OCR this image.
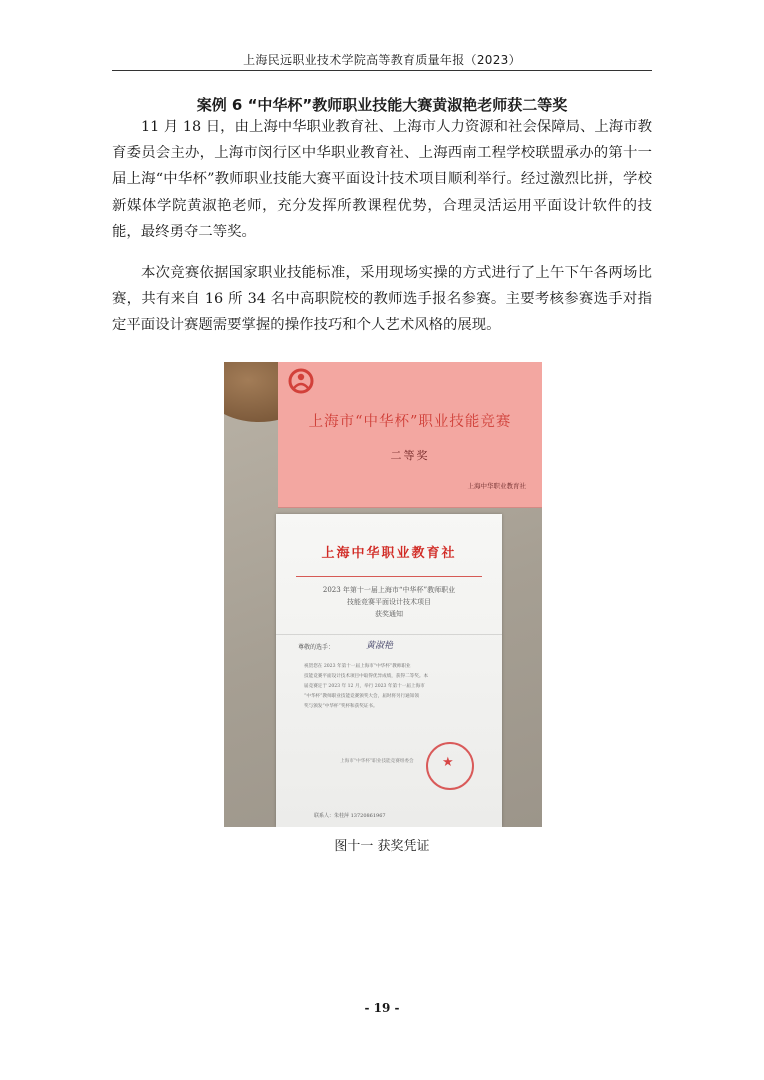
上海民远职业技术学院高等教育质量年报（2023）
案例 6 “中华杯”教师职业技能大赛黄淑艳老师获二等奖

11 月 18 日，由上海中华职业教育社、上海市人力资源和社会保障局、上海市教育委员会主办，上海市闵行区中华职业教育社、上海西南工程学校联盟承办的第十一届上海“中华杯”教师职业技能大赛平面设计技术项目顺利举行。经过激烈比拼，学校新媒体学院黄淑艳老师，充分发挥所教课程优势，合理灵活运用平面设计软件的技能，最终勇夺二等奖。

本次竞赛依据国家职业技能标准，采用现场实操的方式进行了上午下午各两场比赛，共有来自 16 所 34 名中高职院校的教师选手报名参赛。主要考核参赛选手对指定平面设计赛题需要掌握的操作技巧和个人艺术风格的展现。

上海市“中华杯”职业技能竞赛
二等奖
上海中华职业教育社
上海中华职业教育社
2023 年第十一届上海市“中华杯”教师职业
技能竞赛平面设计技术项目
获奖通知
尊敬的选手：	黄淑艳
祝贺您在 2023 年第十一届上海市“中华杯”教师职业
技能竞赛平面设计技术项目中取得优异成绩，获得二等奖。本
届竞赛定于 2023 年 12 月，举行 2023 年第十一届上海市
“中华杯”教师职业技能竞赛颁奖大会，届时将另行通知领
奖与颁发“中华杯”奖杯和获奖证书。
★
上海市“中华杯”职业技能竞赛组委会
联系人：朱桂萍 13720861967
图十一 获奖凭证
- 19 -
